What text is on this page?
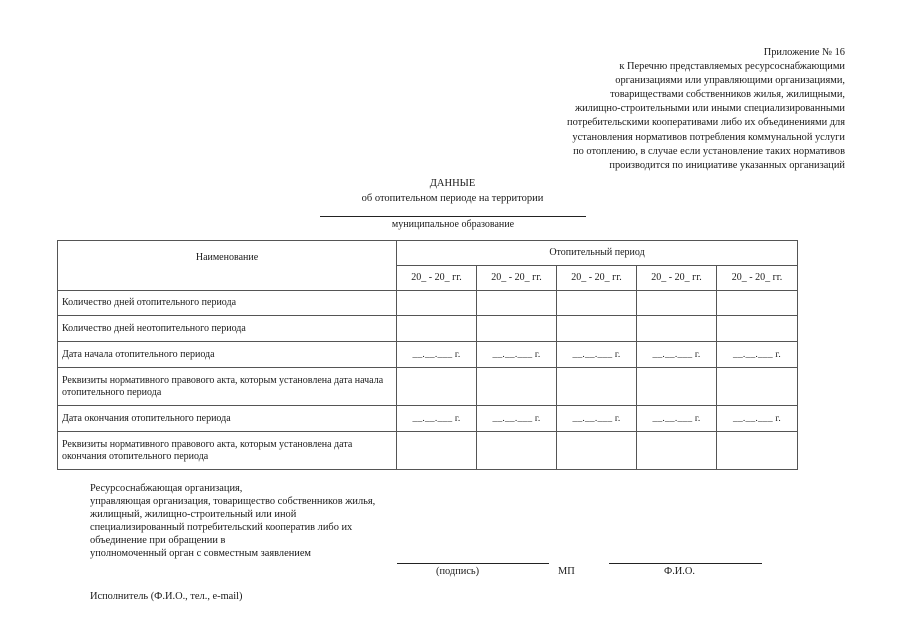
Приложение № 16
к Перечню представляемых ресурсоснабжающими
организациями или управляющими организациями,
товариществами собственников жилья, жилищными,
жилищно-строительными или иными специализированными
потребительскими кооперативами либо их объединениями для
установления нормативов потребления коммунальной услуги
по отоплению, в случае если установление таких нормативов
производится по инициативе указанных организаций
ДАННЫЕ
об отопительном периоде на территории
муниципальное образование
Наименование	Отопительный период				
	20_ - 20_ гг.	20_ - 20_ гг.	20_ - 20_ гг.	20_ - 20_ гг.	20_ - 20_ гг.
Количество дней отопительного периода					
Количество дней неотопительного периода					
Дата начала отопительного периода	__.__.___ г.	__.__.___ г.	__.__.___ г.	__.__.___ г.	__.__.___ г.
Реквизиты нормативного правового акта, которым установлена дата начала отопительного периода					
Дата окончания отопительного периода	__.__.___ г.	__.__.___ г.	__.__.___ г.	__.__.___ г.	__.__.___ г.
Реквизиты нормативного правового акта, которым установлена дата окончания отопительного периода					
Ресурсоснабжающая организация,
управляющая организация, товарищество собственников жилья,
жилищный, жилищно-строительный или иной
специализированный потребительский кооператив либо их
объединение при обращении в
уполномоченный орган с совместным заявлением
(подпись)	МП	Ф.И.О.
Исполнитель (Ф.И.О., тел., e-mail)
